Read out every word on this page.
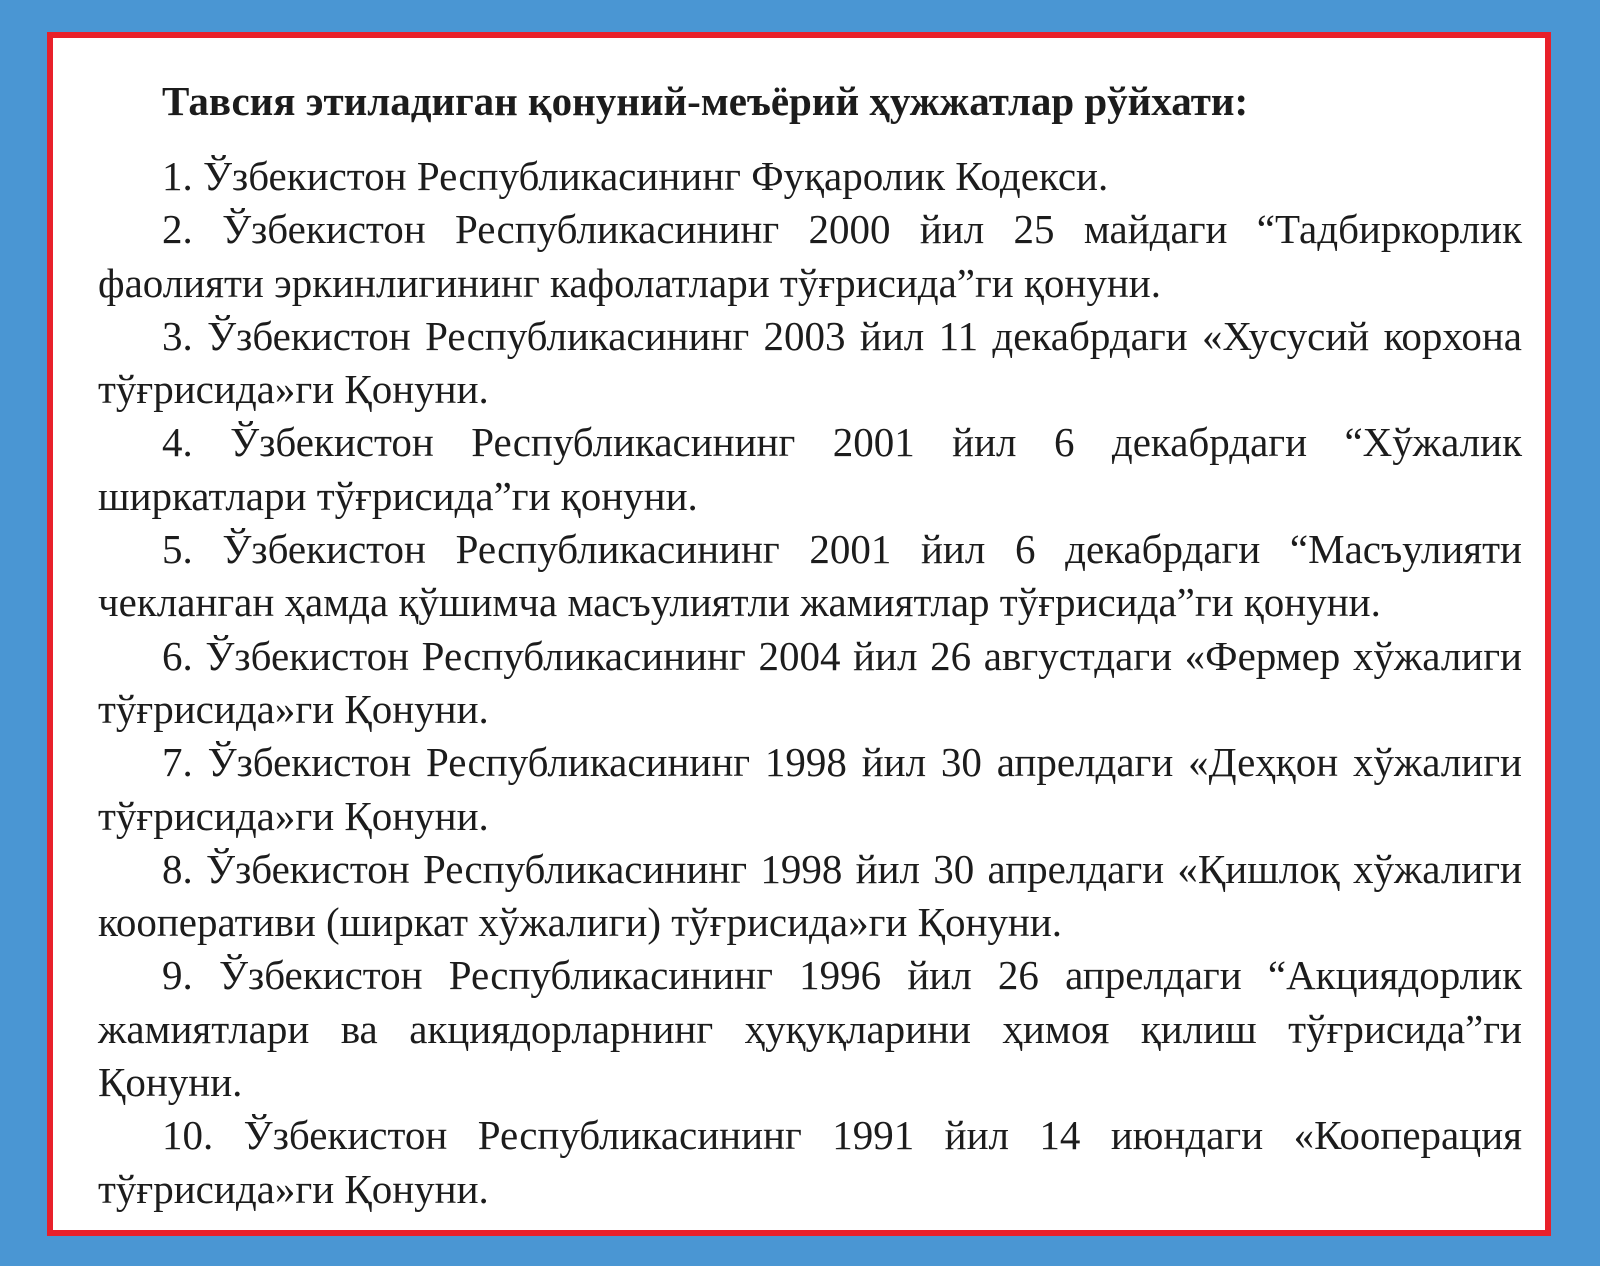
Тавсия этиладиган қонуний-меъёрий ҳужжатлар рўйхати:

1. Ўзбекистон Республикасининг Фуқаролик Кодекси.

2. Ўзбекистон Республикасининг 2000 йил 25 майдаги “Тадбиркорлик фаолияти эркинлигининг кафолатлари тўғрисида”ги қонуни.

3. Ўзбекистон Республикасининг 2003 йил 11 декабрдаги «Хусусий корхона тўғрисида»ги Қонуни.

4. Ўзбекистон Республикасининг 2001 йил 6 декабрдаги “Хўжалик ширкатлари тўғрисида”ги қонуни.

5. Ўзбекистон Республикасининг 2001 йил 6 декабрдаги “Масъулияти чекланган ҳамда қўшимча масъулиятли жамиятлар тўғрисида”ги қонуни.

6. Ўзбекистон Республикасининг 2004 йил 26 августдаги «Фермер хўжалиги тўғрисида»ги Қонуни.

7. Ўзбекистон Республикасининг 1998 йил 30 апрелдаги «Деҳқон хўжалиги тўғрисида»ги Қонуни.

8. Ўзбекистон Республикасининг 1998 йил 30 апрелдаги «Қишлоқ хўжалиги кооперативи (ширкат хўжалиги) тўғрисида»ги Қонуни.

9. Ўзбекистон Республикасининг 1996 йил 26 апрелдаги “Акциядорлик жамиятлари ва акциядорларнинг ҳуқуқларини ҳимоя қилиш тўғрисида”ги Қонуни.

10. Ўзбекистон Республикасининг 1991 йил 14 июндаги «Кооперация тўғрисида»ги Қонуни.
